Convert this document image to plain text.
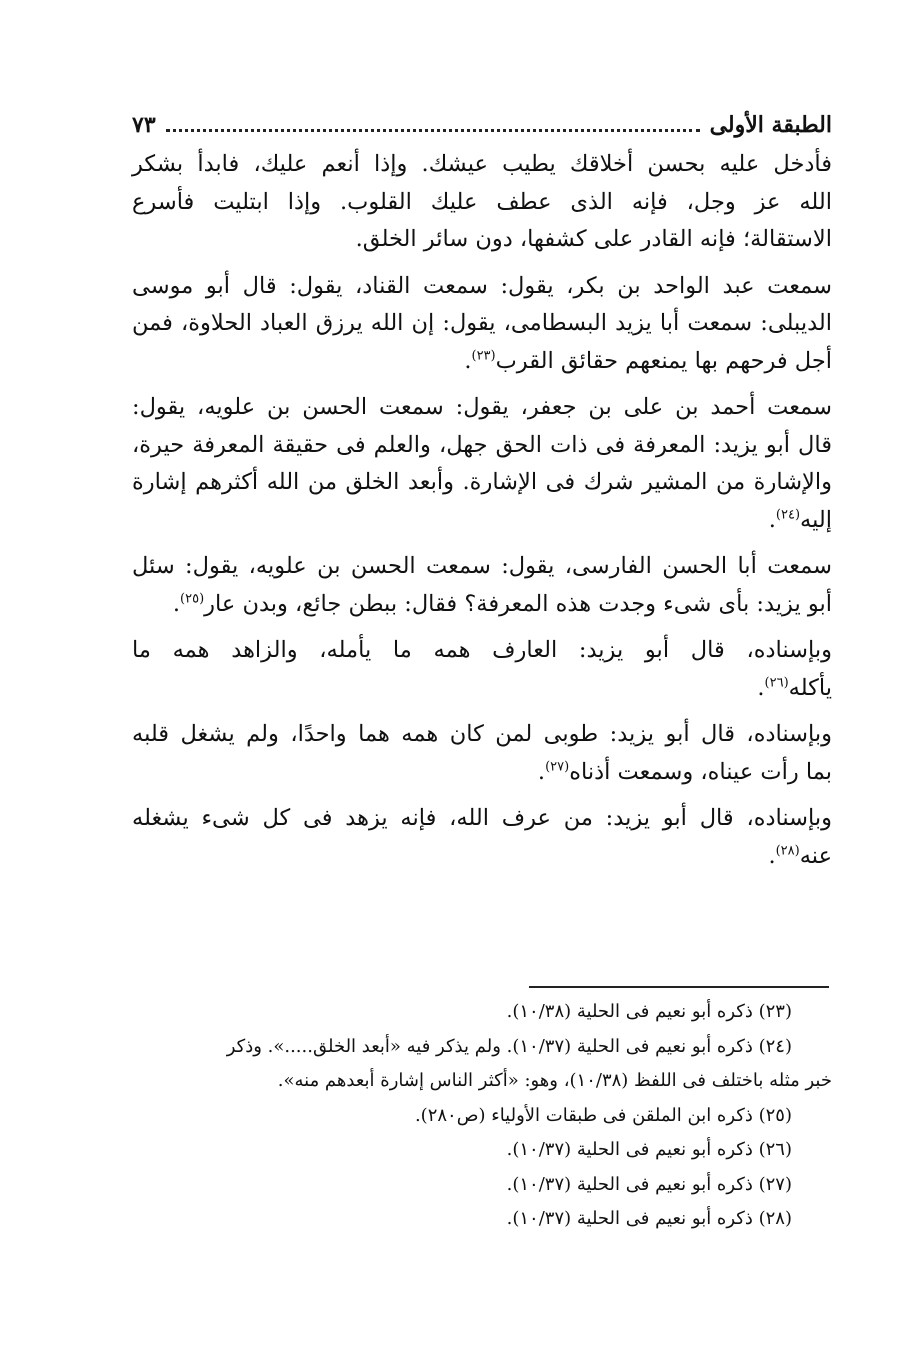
الطبقة الأولى
٧٣

فأدخل عليه بحسن أخلاقك يطيب عيشك. وإذا أنعم عليك، فابدأ بشكر

الله عز وجل، فإنه الذى عطف عليك القلوب. وإذا ابتليت فأسرع

الاستقالة؛ فإنه القادر على كشفها، دون سائر الخلق.

سمعت عبد الواحد بن بكر، يقول: سمعت القناد، يقول: قال أبو موسى

الديبلى: سمعت أبا يزيد البسطامى، يقول: إن الله يرزق العباد الحلاوة، فمن

أجل فرحهم بها يمنعهم حقائق القرب$^{(٢٣)}$.

سمعت أحمد بن على بن جعفر، يقول: سمعت الحسن بن علويه، يقول:

قال أبو يزيد: المعرفة فى ذات الحق جهل، والعلم فى حقيقة المعرفة حيرة،

والإشارة من المشير شرك فى الإشارة. وأبعد الخلق من الله أكثرهم إشارة

إليه$^{(٢٤)}$.

سمعت أبا الحسن الفارسى، يقول: سمعت الحسن بن علويه، يقول: سئل

أبو يزيد: بأى شىء وجدت هذه المعرفة؟ فقال: ببطن جائع، وبدن عار$^{(٢٥)}$.

وبإسناده، قال أبو يزيد: العارف همه ما يأمله، والزاهد همه ما

يأكله$^{(٢٦)}$.

وبإسناده، قال أبو يزيد: طوبى لمن كان همه هما واحدًا، ولم يشغل قلبه

بما رأت عيناه، وسمعت أذناه$^{(٢٧)}$.

وبإسناده، قال أبو يزيد: من عرف الله، فإنه يزهد فى كل شىء يشغله

عنه$^{(٢٨)}$.

(٢٣) ذكره أبو نعيم فى الحلية (١٠/٣٨).
(٢٤) ذكره أبو نعيم فى الحلية (١٠/٣٧). ولم يذكر فيه «أبعد الخلق.....». وذكر
خبر مثله باختلف فى اللفظ (١٠/٣٨)، وهو: «أكثر الناس إشارة أبعدهم منه».
(٢٥) ذكره ابن الملقن فى طبقات الأولياء (ص٢٨٠).
(٢٦) ذكره أبو نعيم فى الحلية (١٠/٣٧).
(٢٧) ذكره أبو نعيم فى الحلية (١٠/٣٧).
(٢٨) ذكره أبو نعيم فى الحلية (١٠/٣٧).
